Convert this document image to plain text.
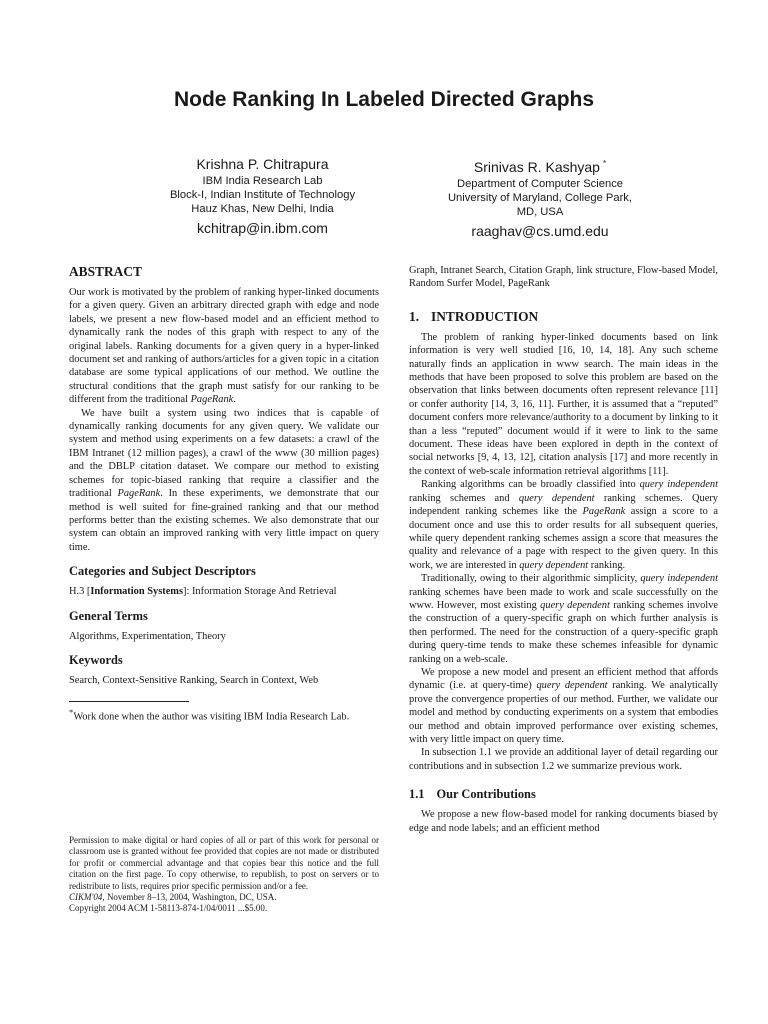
Node Ranking In Labeled Directed Graphs
Krishna P. Chitrapura
IBM India Research Lab
Block-I, Indian Institute of Technology
Hauz Khas, New Delhi, India
kchitrap@in.ibm.com
Srinivas R. Kashyap *
Department of Computer Science
University of Maryland, College Park,
MD, USA
raaghav@cs.umd.edu
ABSTRACT

Our work is motivated by the problem of ranking hyper-linked documents for a given query. Given an arbitrary directed graph with edge and node labels, we present a new flow-based model and an efficient method to dynamically rank the nodes of this graph with respect to any of the original labels. Ranking documents for a given query in a hyper-linked document set and ranking of authors/articles for a given topic in a citation database are some typical applications of our method. We outline the structural conditions that the graph must satisfy for our ranking to be different from the traditional PageRank.

We have built a system using two indices that is capable of dynamically ranking documents for any given query. We validate our system and method using experiments on a few datasets: a crawl of the IBM Intranet (12 million pages), a crawl of the www (30 million pages) and the DBLP citation dataset. We compare our method to existing schemes for topic-biased ranking that require a classifier and the traditional PageRank. In these experiments, we demonstrate that our method is well suited for fine-grained ranking and that our method performs better than the existing schemes. We also demonstrate that our system can obtain an improved ranking with very little impact on query time.

Categories and Subject Descriptors

H.3 [Information Systems]: Information Storage And Retrieval

General Terms

Algorithms, Experimentation, Theory

Keywords

Search, Context-Sensitive Ranking, Search in Context, Web

*Work done when the author was visiting IBM India Research Lab.

Permission to make digital or hard copies of all or part of this work for personal or classroom use is granted without fee provided that copies are not made or distributed for profit or commercial advantage and that copies bear this notice and the full citation on the first page. To copy otherwise, to republish, to post on servers or to redistribute to lists, requires prior specific permission and/or a fee.

CIKM'04, November 8–13, 2004, Washington, DC, USA.

Copyright 2004 ACM 1-58113-874-1/04/0011 ...$5.00.

Graph, Intranet Search, Citation Graph, link structure, Flow-based Model, Random Surfer Model, PageRank

1. INTRODUCTION

The problem of ranking hyper-linked documents based on link information is very well studied [16, 10, 14, 18]. Any such scheme naturally finds an application in www search. The main ideas in the methods that have been proposed to solve this problem are based on the observation that links between documents often represent relevance [11] or confer authority [14, 3, 16, 11]. Further, it is assumed that a “reputed” document confers more relevance/authority to a document by linking to it than a less “reputed” document would if it were to link to the same document. These ideas have been explored in depth in the context of social networks [9, 4, 13, 12], citation analysis [17] and more recently in the context of web-scale information retrieval algorithms [11].

Ranking algorithms can be broadly classified into query independent ranking schemes and query dependent ranking schemes. Query independent ranking schemes like the PageRank assign a score to a document once and use this to order results for all subsequent queries, while query dependent ranking schemes assign a score that measures the quality and relevance of a page with respect to the given query. In this work, we are interested in query dependent ranking.

Traditionally, owing to their algorithmic simplicity, query independent ranking schemes have been made to work and scale successfully on the www. However, most existing query dependent ranking schemes involve the construction of a query-specific graph on which further analysis is then performed. The need for the construction of a query-specific graph during query-time tends to make these schemes infeasible for dynamic ranking on a web-scale.

We propose a new model and present an efficient method that affords dynamic (i.e. at query-time) query dependent ranking. We analytically prove the convergence properties of our method. Further, we validate our model and method by conducting experiments on a system that embodies our method and obtain improved performance over existing schemes, with very little impact on query time.

In subsection 1.1 we provide an additional layer of detail regarding our contributions and in subsection 1.2 we summarize previous work.

1.1 Our Contributions

We propose a new flow-based model for ranking documents biased by edge and node labels; and an efficient method
